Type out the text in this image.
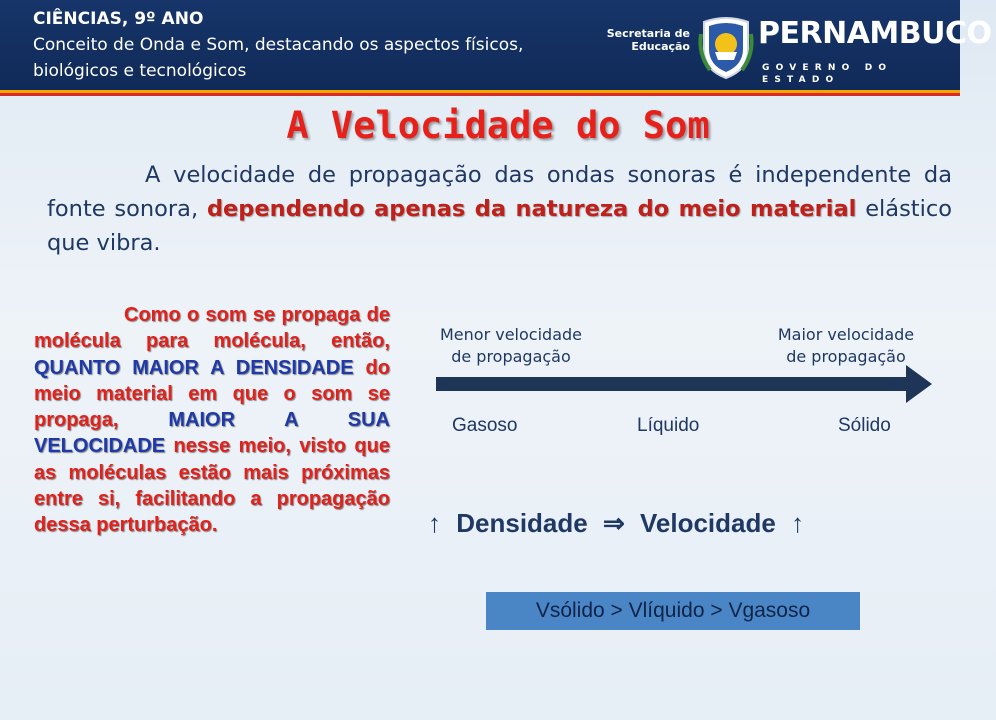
CIÊNCIAS, 9º ANO
Conceito de Onda e Som, destacando os aspectos físicos, biológicos e tecnológicos
Secretaria de
Educação PERNAMBUCO
GOVERNO DO ESTADO
A Velocidade do Som

A velocidade de propagação das ondas sonoras é independente da fonte sonora, dependendo apenas da natureza do meio material elástico que vibra.

Como o som se propaga de molécula para molécula, então, QUANTO MAIOR A DENSIDADE do meio material em que o som se propaga, MAIOR A SUA VELOCIDADE nesse meio, visto que as moléculas estão mais próximas entre si, facilitando a propagação dessa perturbação.

Menor velocidade
de propagação
Maior velocidade
de propagação
Gasoso	Líquido	Sólido
↑ Densidade ⇒ Velocidade ↑
Vsólido > Vlíquido > Vgasoso
